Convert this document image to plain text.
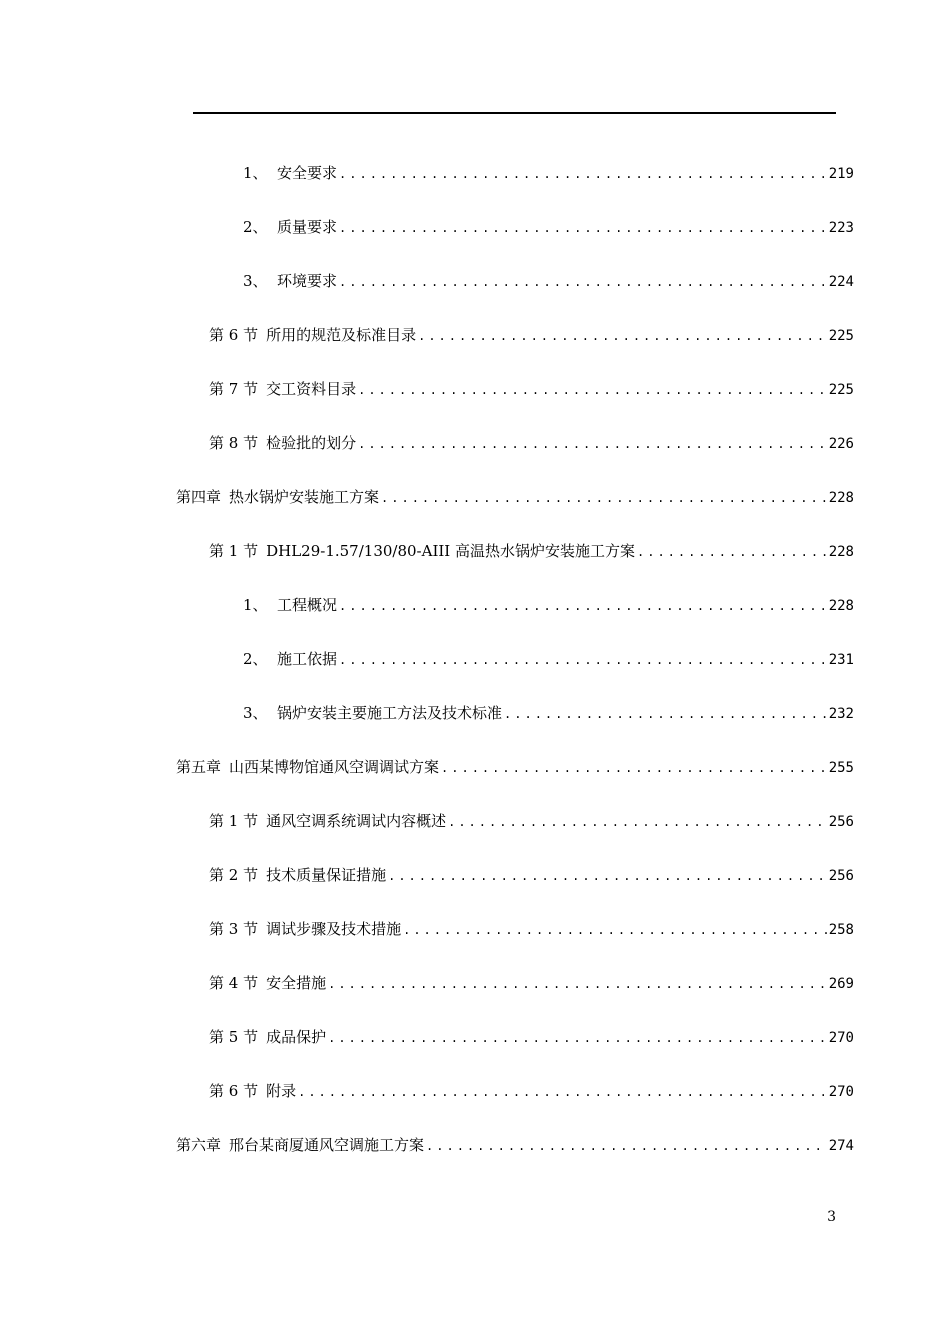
1、 安全要求 .....	219
2、 质量要求 .....	223
3、 环境要求 .....	224
第 6 节 所用的规范及标准目录 .....	225
第 7 节 交工资料目录 .....	225
第 8 节 检验批的划分 .....	226
第四章 热水锅炉安装施工方案 .....	228
第 1 节 DHL29-1.57/130/80-AIII 高温热水锅炉安装施工方案 .....	228
1、 工程概况 .....	228
2、 施工依据 .....	231
3、 锅炉安装主要施工方法及技术标准 .....	232
第五章 山西某博物馆通风空调调试方案 .....	255
第 1 节 通风空调系统调试内容概述 .....	256
第 2 节 技术质量保证措施 .....	256
第 3 节 调试步骤及技术措施 .....	258
第 4 节 安全措施 .....	269
第 5 节 成品保护 .....	270
第 6 节 附录 .....	270
第六章 邢台某商厦通风空调施工方案 .....	274
3
